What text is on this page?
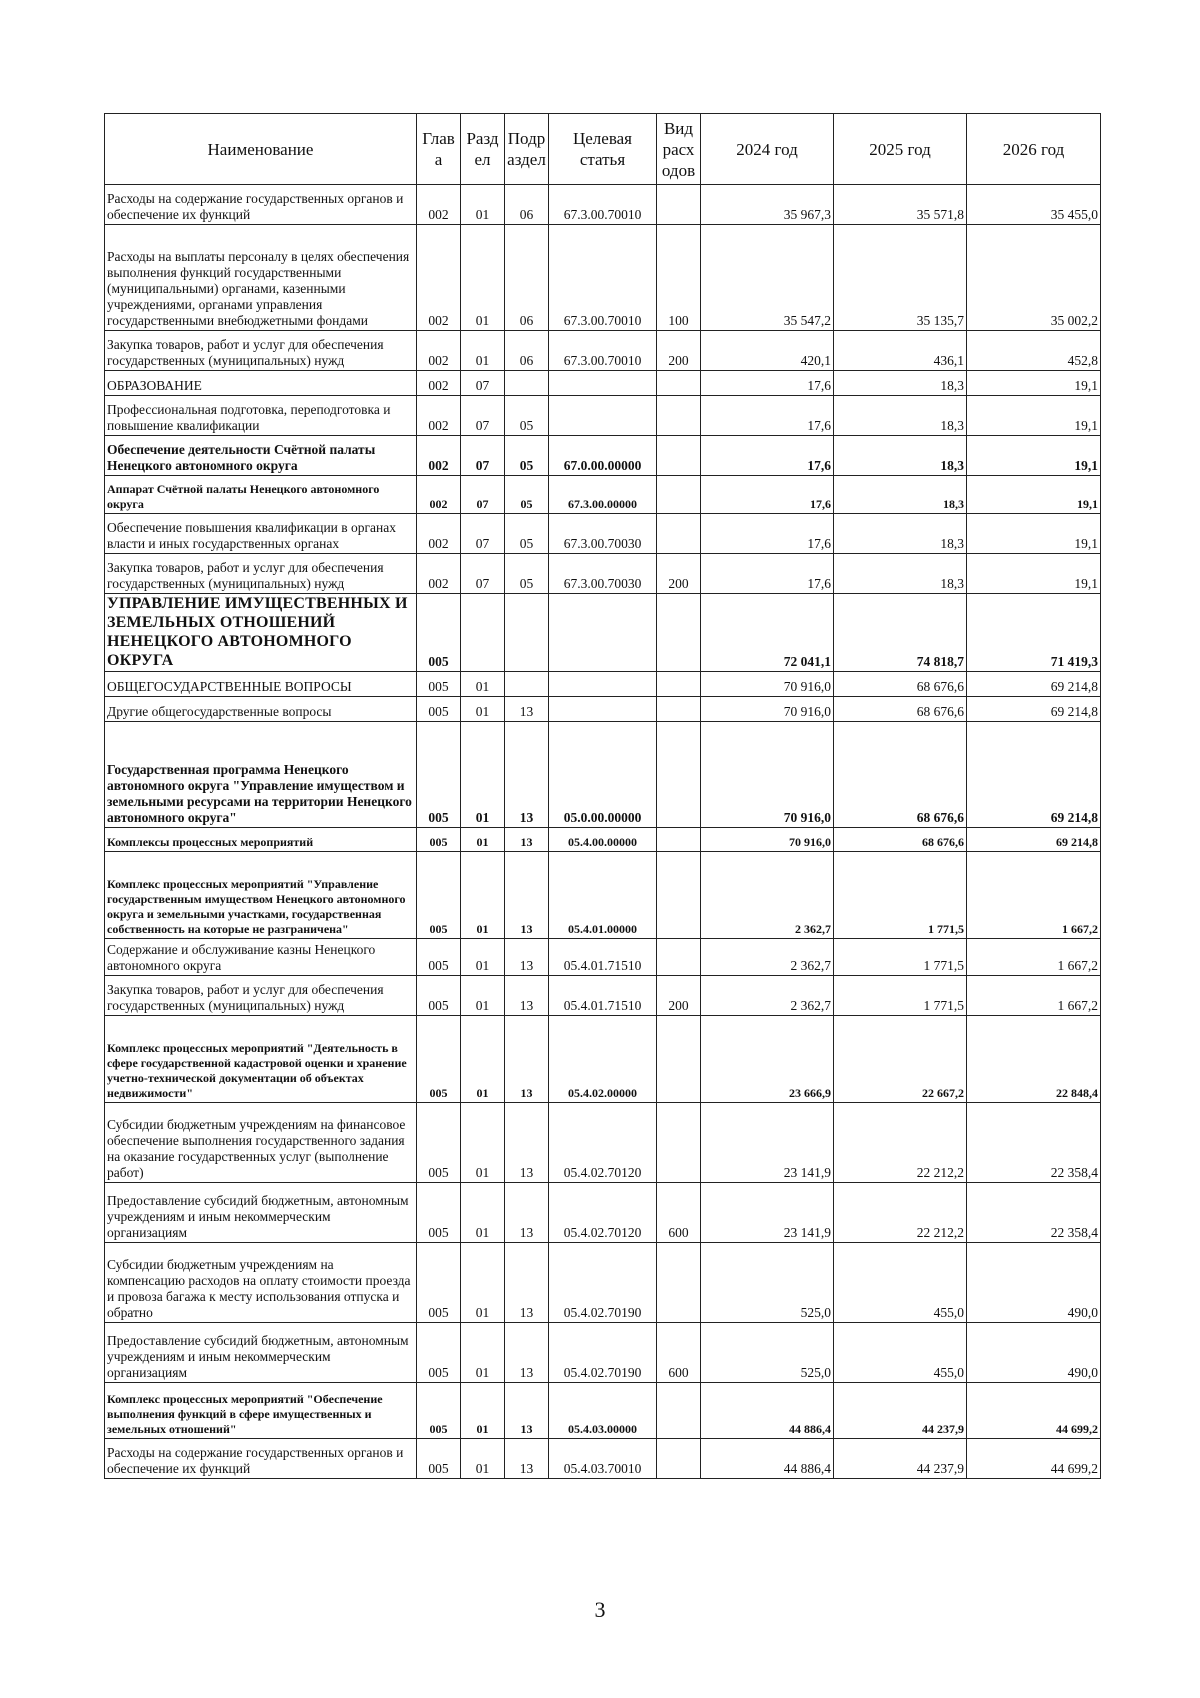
Наименование	Глав а	Разд ел	Подр аздел	Целевая статья	Вид расх одов	2024 год	2025 год	2026 год
Расходы на содержание государственных органов и обеспечение их функций	002	01	06	67.3.00.70010		35 967,3	35 571,8	35 455,0
Расходы на выплаты персоналу в целях обеспечения выполнения функций государственными (муниципальными) органами, казенными учреждениями, органами управления государственными внебюджетными фондами	002	01	06	67.3.00.70010	100	35 547,2	35 135,7	35 002,2
Закупка товаров, работ и услуг для обеспечения государственных (муниципальных) нужд	002	01	06	67.3.00.70010	200	420,1	436,1	452,8
ОБРАЗОВАНИЕ	002	07				17,6	18,3	19,1
Профессиональная подготовка, переподготовка и повышение квалификации	002	07	05			17,6	18,3	19,1
Обеспечение деятельности Счётной палаты Ненецкого автономного округа	002	07	05	67.0.00.00000		17,6	18,3	19,1
Аппарат Счётной палаты Ненецкого автономного округа	002	07	05	67.3.00.00000		17,6	18,3	19,1
Обеспечение повышения квалификации в органах власти и иных государственных органах	002	07	05	67.3.00.70030		17,6	18,3	19,1
Закупка товаров, работ и услуг для обеспечения государственных (муниципальных) нужд	002	07	05	67.3.00.70030	200	17,6	18,3	19,1
УПРАВЛЕНИЕ ИМУЩЕСТВЕННЫХ И ЗЕМЕЛЬНЫХ ОТНОШЕНИЙ НЕНЕЦКОГО АВТОНОМНОГО ОКРУГА	005					72 041,1	74 818,7	71 419,3
ОБЩЕГОСУДАРСТВЕННЫЕ ВОПРОСЫ	005	01				70 916,0	68 676,6	69 214,8
Другие общегосударственные вопросы	005	01	13			70 916,0	68 676,6	69 214,8
Государственная программа Ненецкого автономного округа "Управление имуществом и земельными ресурсами на территории Ненецкого автономного округа"	005	01	13	05.0.00.00000		70 916,0	68 676,6	69 214,8
Комплексы процессных мероприятий	005	01	13	05.4.00.00000		70 916,0	68 676,6	69 214,8
Комплекс процессных мероприятий "Управление государственным имуществом Ненецкого автономного округа и земельными участками, государственная собственность на которые не разграничена"	005	01	13	05.4.01.00000		2 362,7	1 771,5	1 667,2
Содержание и обслуживание казны Ненецкого автономного округа	005	01	13	05.4.01.71510		2 362,7	1 771,5	1 667,2
Закупка товаров, работ и услуг для обеспечения государственных (муниципальных) нужд	005	01	13	05.4.01.71510	200	2 362,7	1 771,5	1 667,2
Комплекс процессных мероприятий "Деятельность в сфере государственной кадастровой оценки и хранение учетно-технической документации об объектах недвижимости"	005	01	13	05.4.02.00000		23 666,9	22 667,2	22 848,4
Субсидии бюджетным учреждениям на финансовое обеспечение выполнения государственного задания на оказание государственных услуг (выполнение работ)	005	01	13	05.4.02.70120		23 141,9	22 212,2	22 358,4
Предоставление субсидий бюджетным, автономным учреждениям и иным некоммерческим организациям	005	01	13	05.4.02.70120	600	23 141,9	22 212,2	22 358,4
Субсидии бюджетным учреждениям на компенсацию расходов на оплату стоимости проезда и провоза багажа к месту использования отпуска и обратно	005	01	13	05.4.02.70190		525,0	455,0	490,0
Предоставление субсидий бюджетным, автономным учреждениям и иным некоммерческим организациям	005	01	13	05.4.02.70190	600	525,0	455,0	490,0
Комплекс процессных мероприятий "Обеспечение выполнения функций в сфере имущественных и земельных отношений"	005	01	13	05.4.03.00000		44 886,4	44 237,9	44 699,2
Расходы на содержание государственных органов и обеспечение их функций	005	01	13	05.4.03.70010		44 886,4	44 237,9	44 699,2
3
